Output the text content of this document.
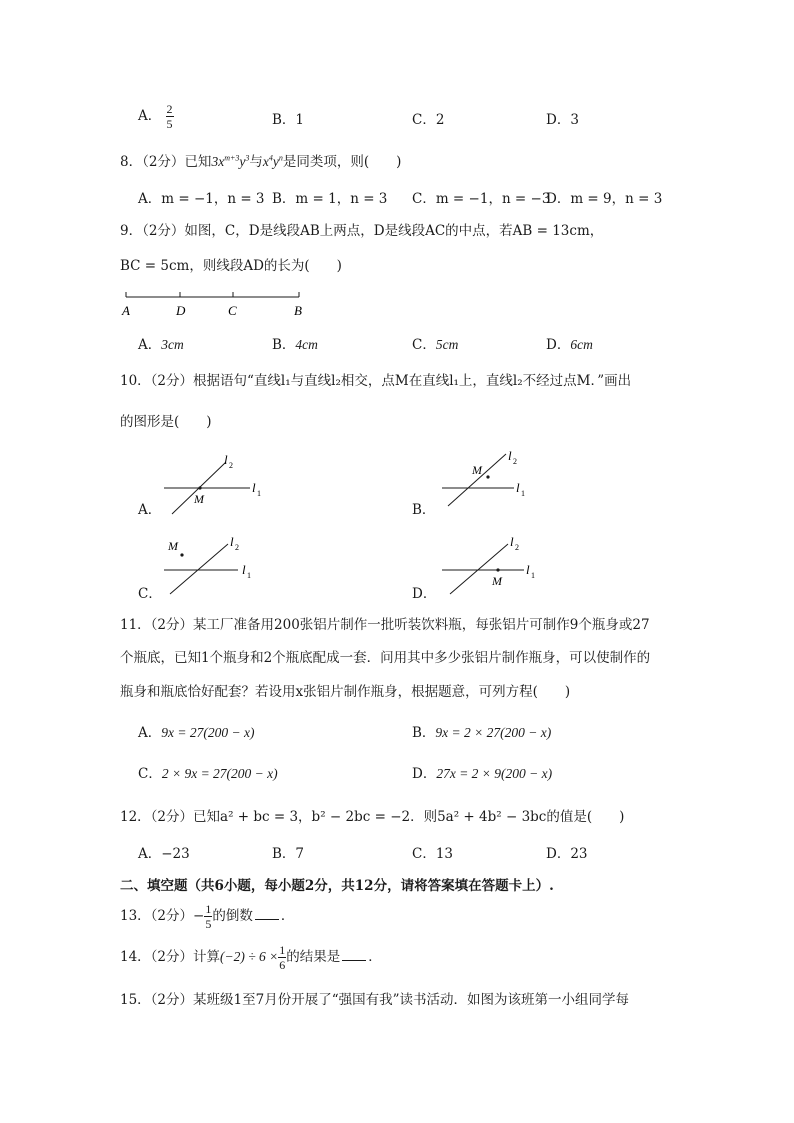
A． $\frac{2}{5}$	B．1	C．2	D．3
8．（2分）已知$3x^{m+3}y^3$与$x^4y^n$是同类项，则(　　)
A．m = −1，n = 3 B．m = 1，n = 3 C．m = −1，n = −3
D．m = 9，n = 3
9．（2分）如图，C，D是线段AB上两点，D是线段AC的中点，若AB = 13cm，
BC = 5cm，则线段AD的长为(　　)
A	D	C	B
A．3cm	B．4cm	C．5cm	D．6cm
10．（2分）根据语句“直线l₁与直线l₂相交，点M在直线l₁上，直线l₂不经过点M．”画出
的图形是(　　)
A．
M
l 2
l 1
B．
M
l 2
l 1
C．
M	l 2
l 1
D．
M
l 2
l 1
11．（2分）某工厂准备用200张铝片制作一批听装饮料瓶，每张铝片可制作9个瓶身或27
个瓶底，已知1个瓶身和2个瓶底配成一套．问用其中多少张铝片制作瓶身，可以使制作的
瓶身和瓶底恰好配套？若设用x张铝片制作瓶身，根据题意，可列方程(　　)
A．9x = 27(200 − x)	B．9x = 2 × 27(200 − x)
C．2 × 9x = 27(200 − x)	D．27x = 2 × 9(200 − x)
12．（2分）已知a² + bc = 3，b² − 2bc = −2．则5a² + 4b² − 3bc的值是(　　)
A．−23	B．7	C．13	D．23
二、填空题（共6小题，每小题2分，共12分，请将答案填在答题卡上）.
13．（2分）− $\frac{1}{5}$ 的倒数 ．
14．（2分）计算$(-2) \div 6 \times \frac{1}{6}$ 的结果是 ．
15．（2分）某班级1至7月份开展了“强国有我”读书活动．如图为该班第一小组同学每
